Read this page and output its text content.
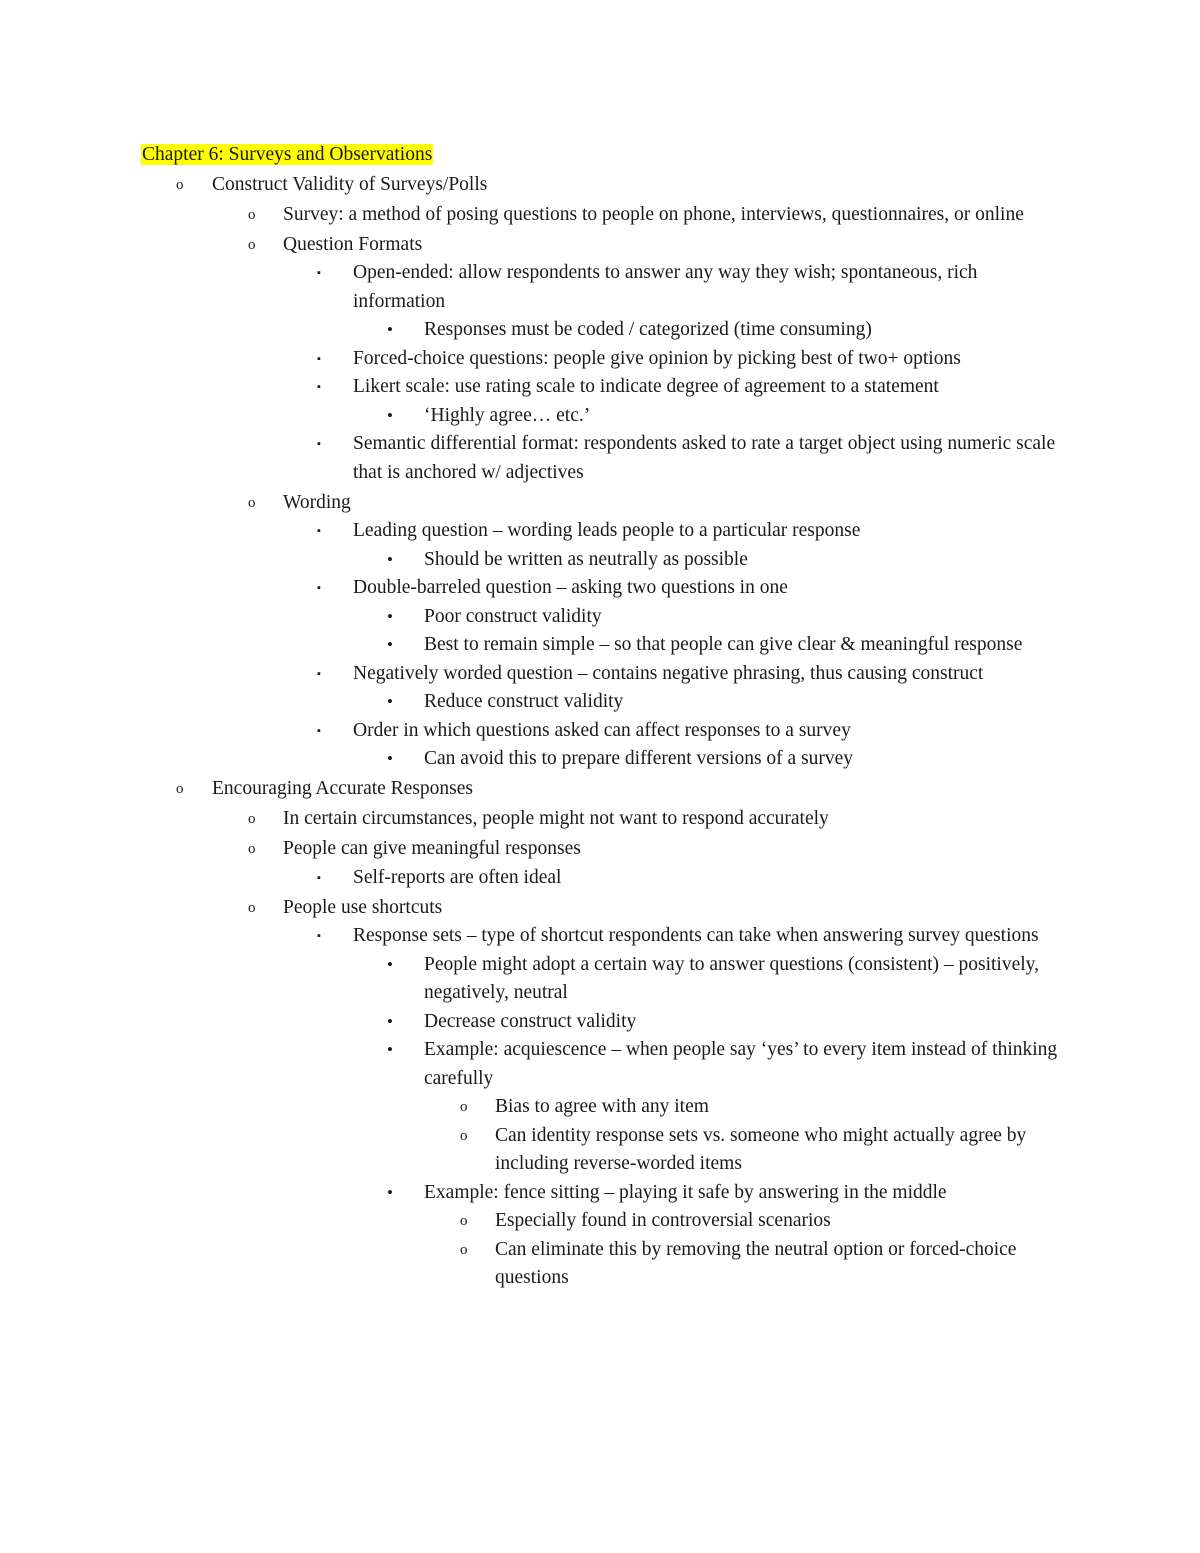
Chapter 6: Surveys and Observations
o	Construct Validity of Surveys/Polls
o	Survey: a method of posing questions to people on phone, interviews, questionnaires, or online
o	Question Formats
▪	Open-ended: allow respondents to answer any way they wish; spontaneous, rich information
•	Responses must be coded / categorized (time consuming)
▪	Forced-choice questions: people give opinion by picking best of two+ options
▪	Likert scale: use rating scale to indicate degree of agreement to a statement
•	‘Highly agree… etc.’
▪	Semantic differential format: respondents asked to rate a target object using numeric scale that is anchored w/ adjectives
o	Wording
▪	Leading question – wording leads people to a particular response
•	Should be written as neutrally as possible
▪	Double-barreled question – asking two questions in one
•	Poor construct validity
•	Best to remain simple – so that people can give clear & meaningful response
▪	Negatively worded question – contains negative phrasing, thus causing construct
•	Reduce construct validity
▪	Order in which questions asked can affect responses to a survey
•	Can avoid this to prepare different versions of a survey
o	Encouraging Accurate Responses
o	In certain circumstances, people might not want to respond accurately
o	People can give meaningful responses
▪	Self-reports are often ideal
o	People use shortcuts
▪	Response sets – type of shortcut respondents can take when answering survey questions
•	People might adopt a certain way to answer questions (consistent) – positively, negatively, neutral
•	Decrease construct validity
•	Example: acquiescence – when people say ‘yes’ to every item instead of thinking carefully
o	Bias to agree with any item
o	Can identity response sets vs. someone who might actually agree by including reverse-worded items
•	Example: fence sitting – playing it safe by answering in the middle
o	Especially found in controversial scenarios
o	Can eliminate this by removing the neutral option or forced-choice questions
